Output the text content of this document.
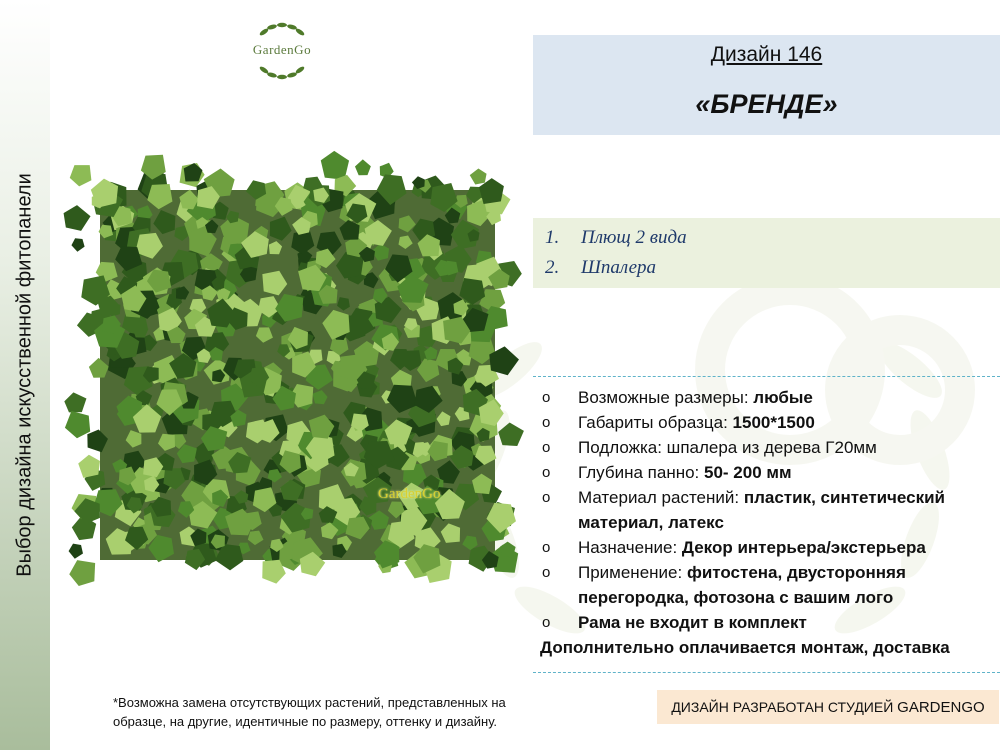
Выбор дизайна искусственной фитопанели
GardenGo
GardenGo
Дизайн 146
«БРЕНДЕ»
1. Плющ 2 вида
2. Шпалера
o	Возможные размеры: любые
o	Габариты образца: 1500*1500
o	Подложка: шпалера из дерева Г20мм
o	Глубина панно: 50- 200 мм
o	Материал растений: пластик, синтетический материал, латекс
o	Назначение: Декор интерьера/экстерьера
o	Применение: фитостена, двусторонняя перегородка, фотозона с вашим лого
o	Рама не входит в комплект
Дополнительно оплачивается монтаж, доставка
*Возможна замена отсутствующих растений, представленных на образце, на другие, идентичные по размеру, оттенку и дизайну.
ДИЗАЙН РАЗРАБОТАН СТУДИЕЙ GARDENGO
